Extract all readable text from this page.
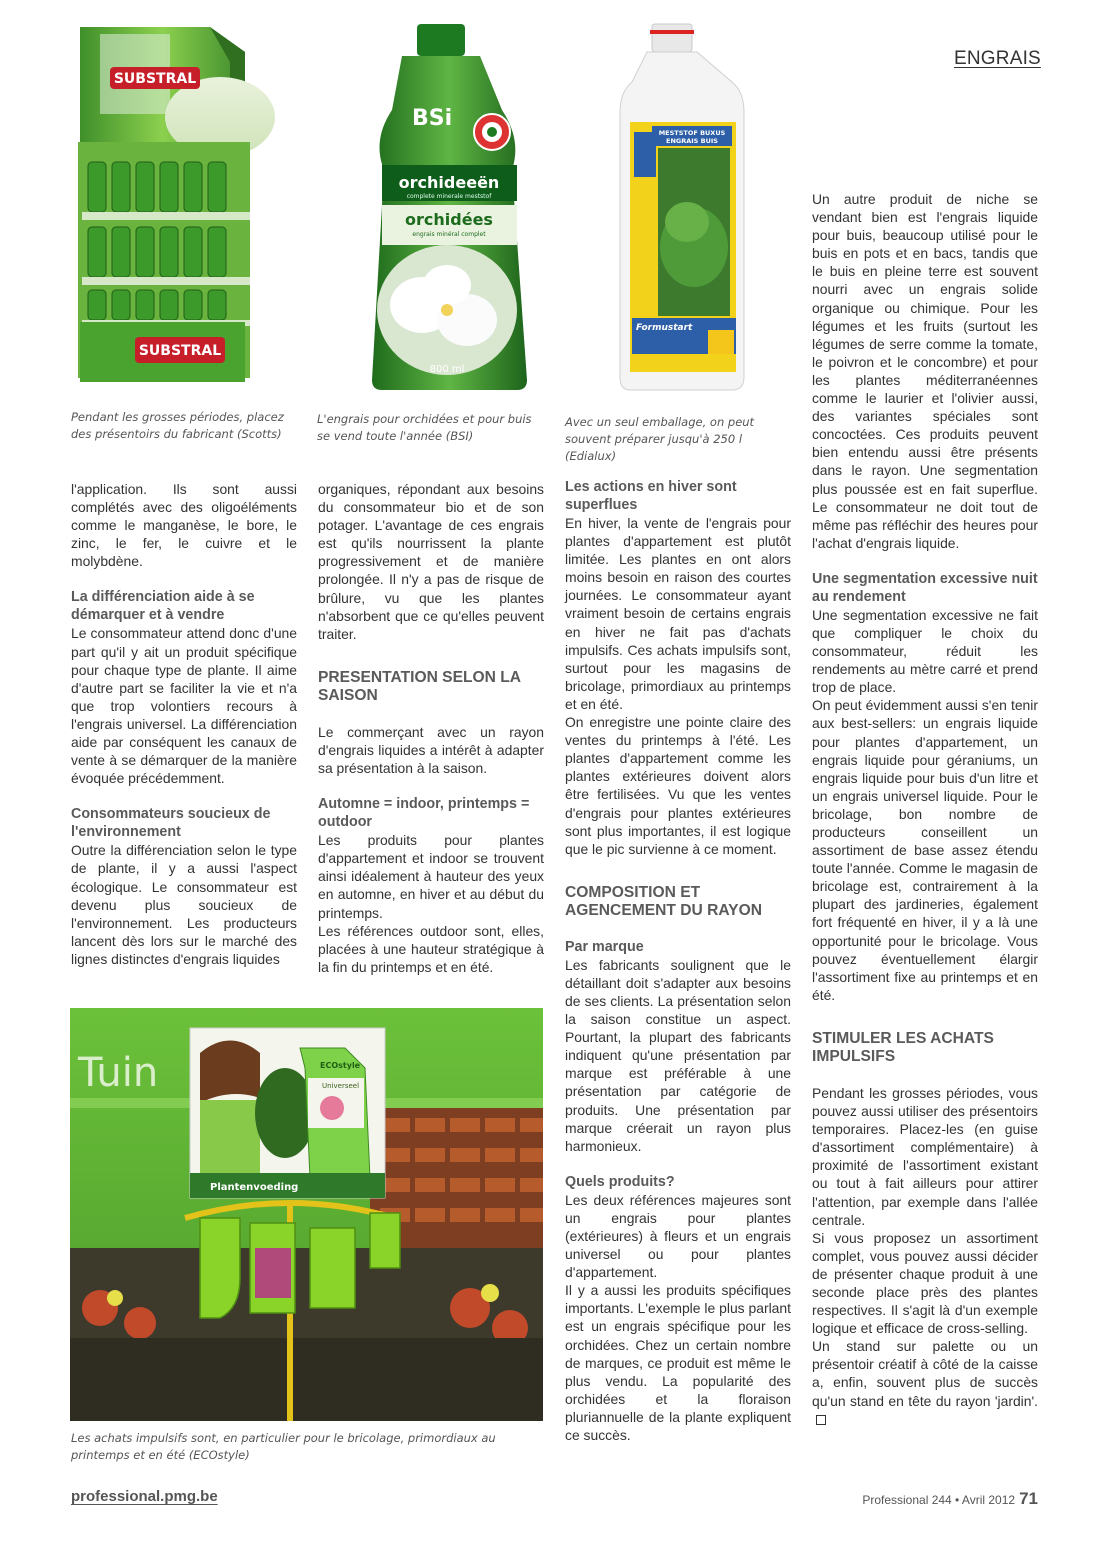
ENGRAIS
SUBSTRAL
SUBSTRAL
Pendant les grosses périodes, placez des présentoirs du fabricant (Scotts)
BSi
orchideeën
complete minerale meststof
orchidées
engrais minéral complet
800 ml
L'engrais pour orchidées et pour buis se vend toute l'année (BSI)
MESTSTOF BUXUS
ENGRAIS BUIS
Formustart
Avec un seul emballage, on peut souvent préparer jusqu'à 250 l (Edialux)

l'application. Ils sont aussi complétés avec des oligoéléments comme le manganèse, le bore, le zinc, le fer, le cuivre et le molybdène.

La différenciation aide à se démarquer et à vendre

Le consommateur attend donc d'une part qu'il y ait un produit spécifique pour chaque type de plante. Il aime d'autre part se faciliter la vie et n'a que trop volontiers recours à l'engrais universel. La différenciation aide par conséquent les canaux de vente à se démarquer de la manière évoquée précédemment.

Consommateurs soucieux de l'environnement

Outre la différenciation selon le type de plante, il y a aussi l'aspect écologique. Le consommateur est devenu plus soucieux de l'environnement. Les producteurs lancent dès lors sur le marché des lignes distinctes d'engrais liquides

organiques, répondant aux besoins du consommateur bio et de son potager. L'avantage de ces engrais est qu'ils nourrissent la plante progressivement et de manière prolongée. Il n'y a pas de risque de brûlure, vu que les plantes n'absorbent que ce qu'elles peuvent traiter.

PRESENTATION SELON LA SAISON

Le commerçant avec un rayon d'engrais liquides a intérêt à adapter sa présentation à la saison.

Automne = indoor, printemps = outdoor

Les produits pour plantes d'appartement et indoor se trouvent ainsi idéalement à hauteur des yeux en automne, en hiver et au début du printemps.

Les références outdoor sont, elles, placées à une hauteur stratégique à la fin du printemps et en été.

Les actions en hiver sont superflues

En hiver, la vente de l'engrais pour plantes d'appartement est plutôt limitée. Les plantes en ont alors moins besoin en raison des courtes journées. Le consommateur ayant vraiment besoin de certains engrais en hiver ne fait pas d'achats impulsifs. Ces achats impulsifs sont, surtout pour les magasins de bricolage, primordiaux au printemps et en été.

On enregistre une pointe claire des ventes du printemps à l'été. Les plantes d'appartement comme les plantes extérieures doivent alors être fertilisées. Vu que les ventes d'engrais pour plantes extérieures sont plus importantes, il est logique que le pic survienne à ce moment.

COMPOSITION ET AGENCEMENT DU RAYON
Par marque

Les fabricants soulignent que le détaillant doit s'adapter aux besoins de ses clients. La présentation selon la saison constitue un aspect. Pourtant, la plupart des fabricants indiquent qu'une présentation par marque est préférable à une présentation par catégorie de produits. Une présentation par marque créerait un rayon plus harmonieux.

Quels produits?

Les deux références majeures sont un engrais pour plantes (extérieures) à fleurs et un engrais universel ou pour plantes d'appartement.

Il y a aussi les produits spécifiques importants. L'exemple le plus parlant est un engrais spécifique pour les orchidées. Chez un certain nombre de marques, ce produit est même le plus vendu. La popularité des orchidées et la floraison pluriannuelle de la plante expliquent ce succès.

Un autre produit de niche se vendant bien est l'engrais liquide pour buis, beaucoup utilisé pour le buis en pots et en bacs, tandis que le buis en pleine terre est souvent nourri avec un engrais solide organique ou chimique. Pour les légumes et les fruits (surtout les légumes de serre comme la tomate, le poivron et le concombre) et pour les plantes méditerranéennes comme le laurier et l'olivier aussi, des variantes spéciales sont concoctées. Ces produits peuvent bien entendu aussi être présents dans le rayon. Une segmentation plus poussée est en fait superflue. Le consommateur ne doit tout de même pas réfléchir des heures pour l'achat d'engrais liquide.

Une segmentation excessive nuit au rendement

Une segmentation excessive ne fait que compliquer le choix du consommateur, réduit les rendements au mètre carré et prend trop de place.

On peut évidemment aussi s'en tenir aux best-sellers: un engrais liquide pour plantes d'appartement, un engrais liquide pour géraniums, un engrais liquide pour buis d'un litre et un engrais universel liquide. Pour le bricolage, bon nombre de producteurs conseillent un assortiment de base assez étendu toute l'année. Comme le magasin de bricolage est, contrairement à la plupart des jardineries, également fort fréquenté en hiver, il y a là une opportunité pour le bricolage. Vous pouvez éventuellement élargir l'assortiment fixe au printemps et en été.

STIMULER LES ACHATS IMPULSIFS

Pendant les grosses périodes, vous pouvez aussi utiliser des présentoirs temporaires. Placez-les (en guise d'assortiment complémentaire) à proximité de l'assortiment existant ou tout à fait ailleurs pour attirer l'attention, par exemple dans l'allée centrale.

Si vous proposez un assortiment complet, vous pouvez aussi décider de présenter chaque produit à une seconde place près des plantes respectives. Il s'agit là d'un exemple logique et efficace de cross-selling.

Un stand sur palette ou un présentoir créatif à côté de la caisse a, enfin, souvent plus de succès qu'un stand en tête du rayon 'jardin'.

Tuin
Plantenvoeding
ECOstyle
Universeel
Les achats impulsifs sont, en particulier pour le bricolage, primordiaux au printemps et en été (ECOstyle)
professional.pmg.be	Professional 244 • Avril 2012 71
